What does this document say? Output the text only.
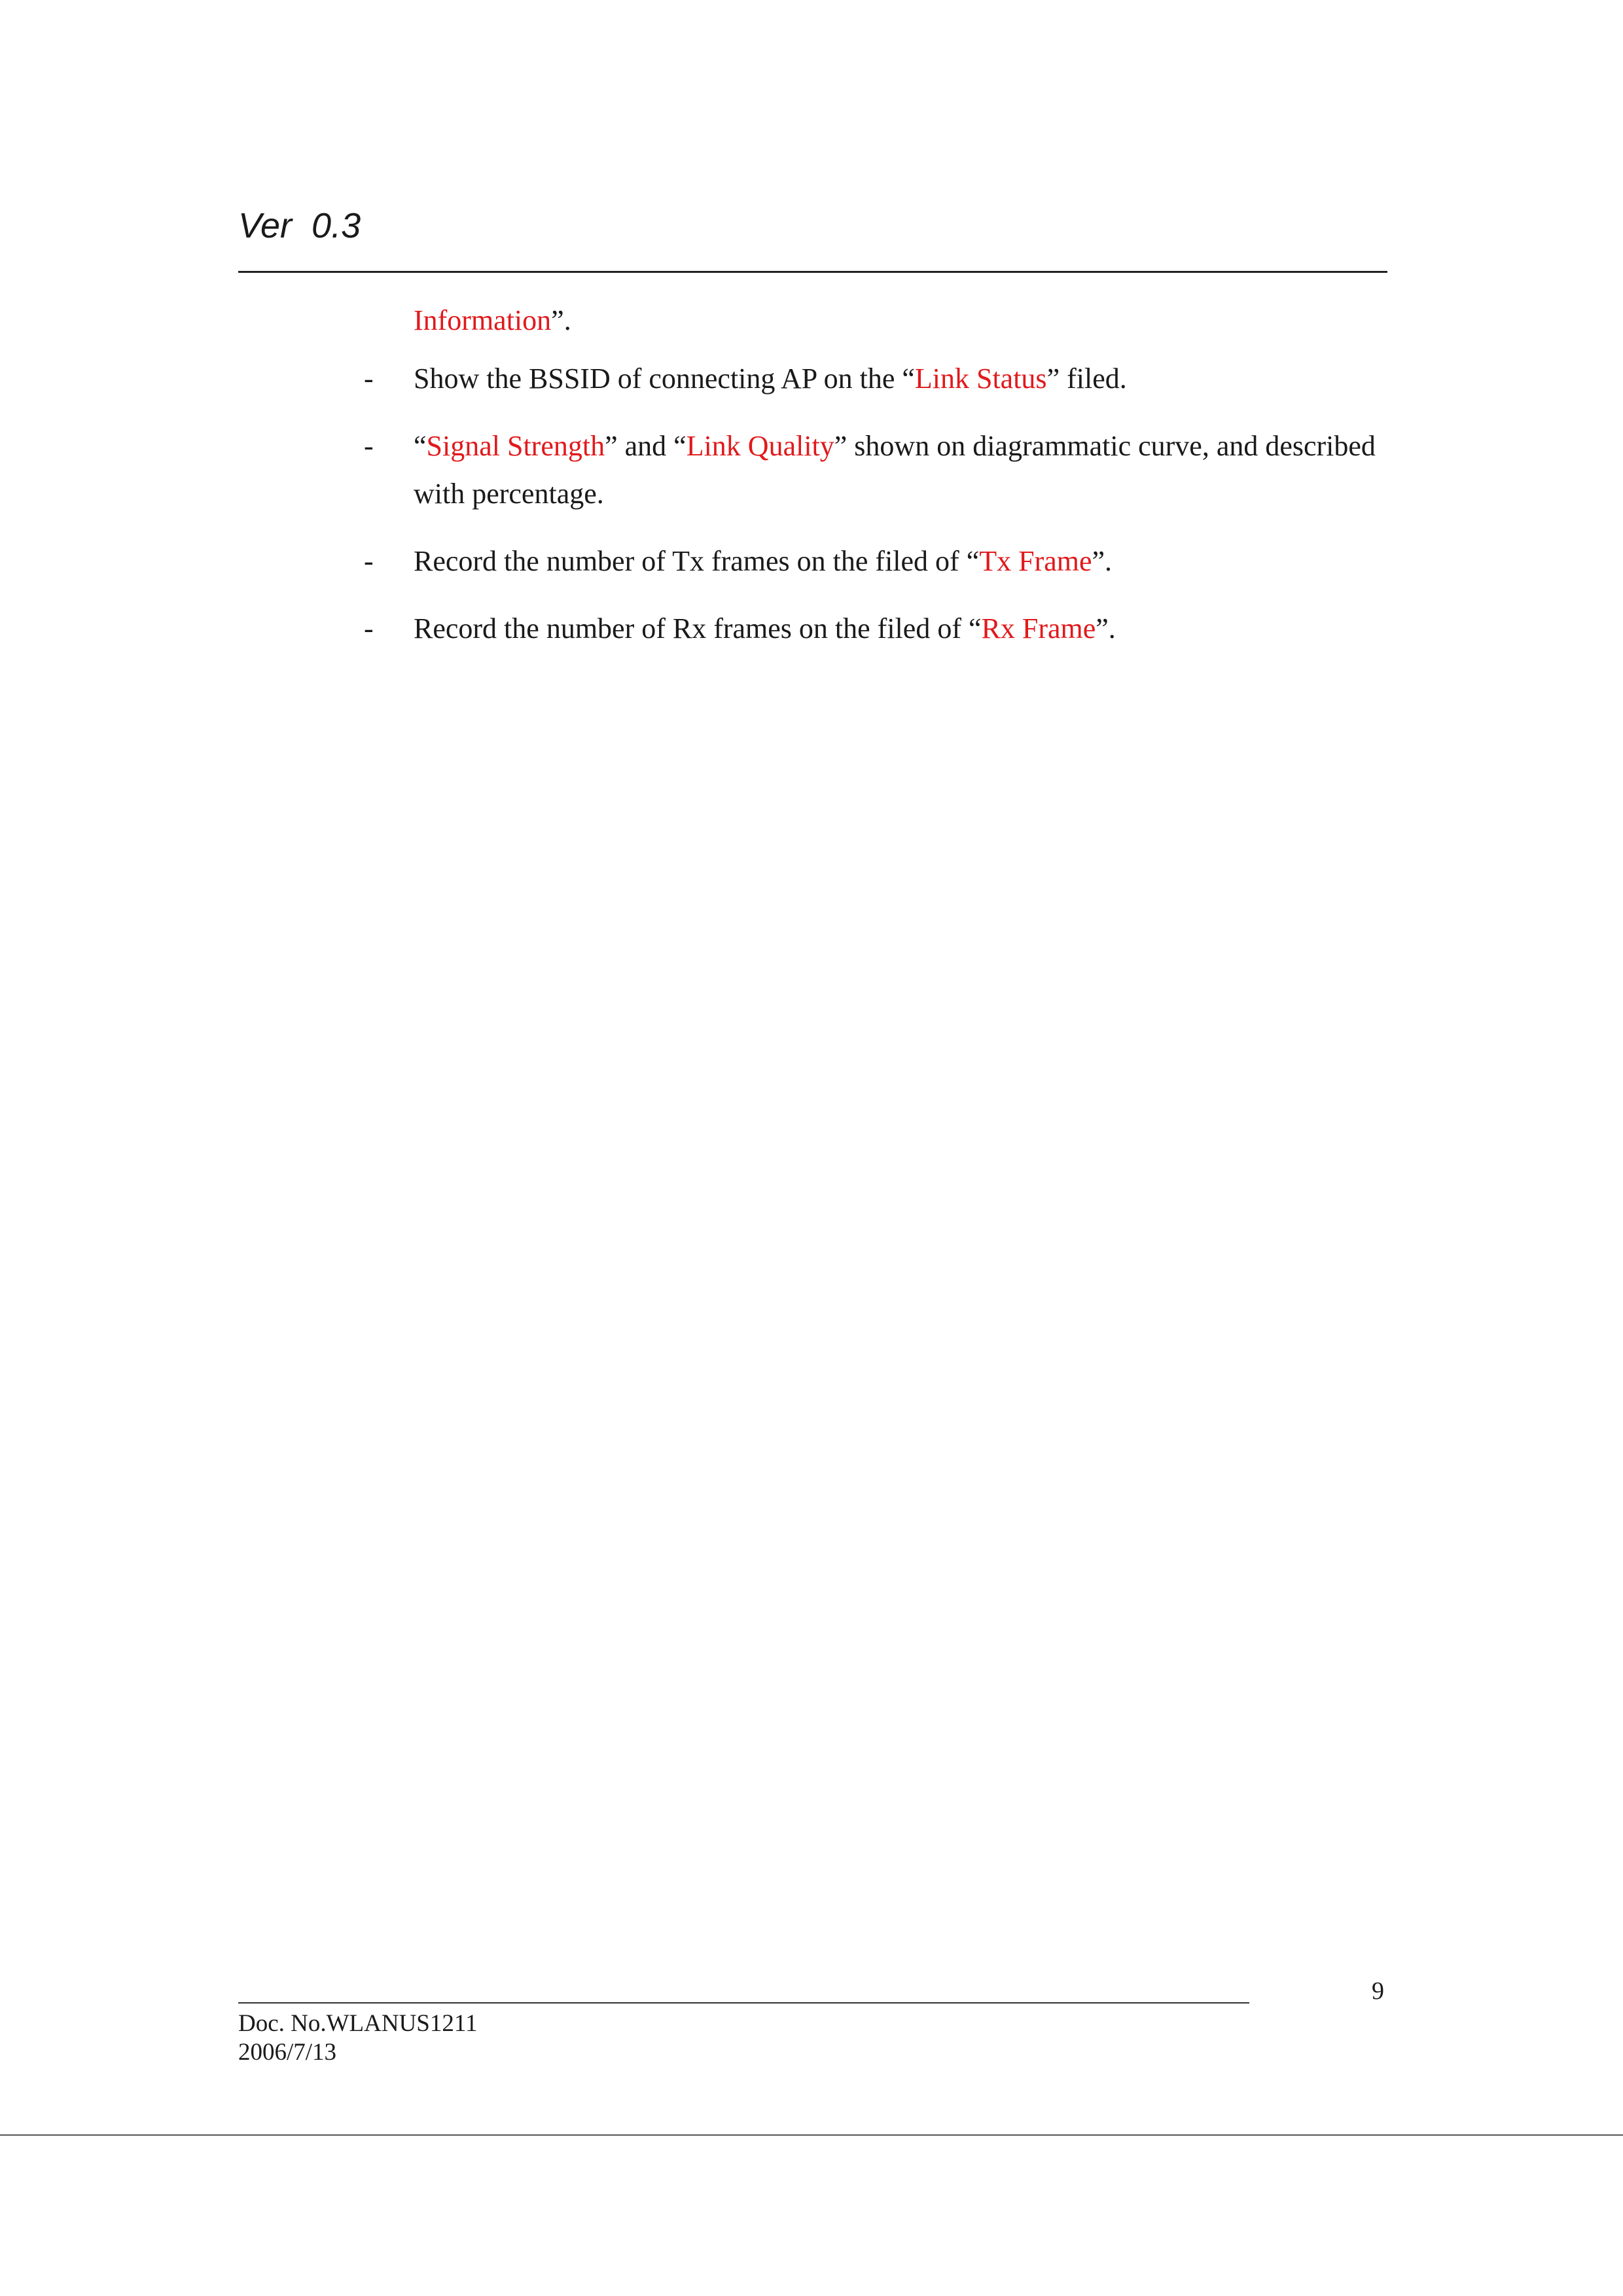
Ver  0.3
Information”.
-
Show the BSSID of connecting AP on the “Link Status” filed.
-
“Signal Strength” and “Link Quality” shown on diagrammatic curve, and described with percentage.
-
Record the number of Tx frames on the filed of “Tx Frame”.
-
Record the number of Rx frames on the filed of “Rx Frame”.
9
Doc. No.WLANUS1211
2006/7/13
